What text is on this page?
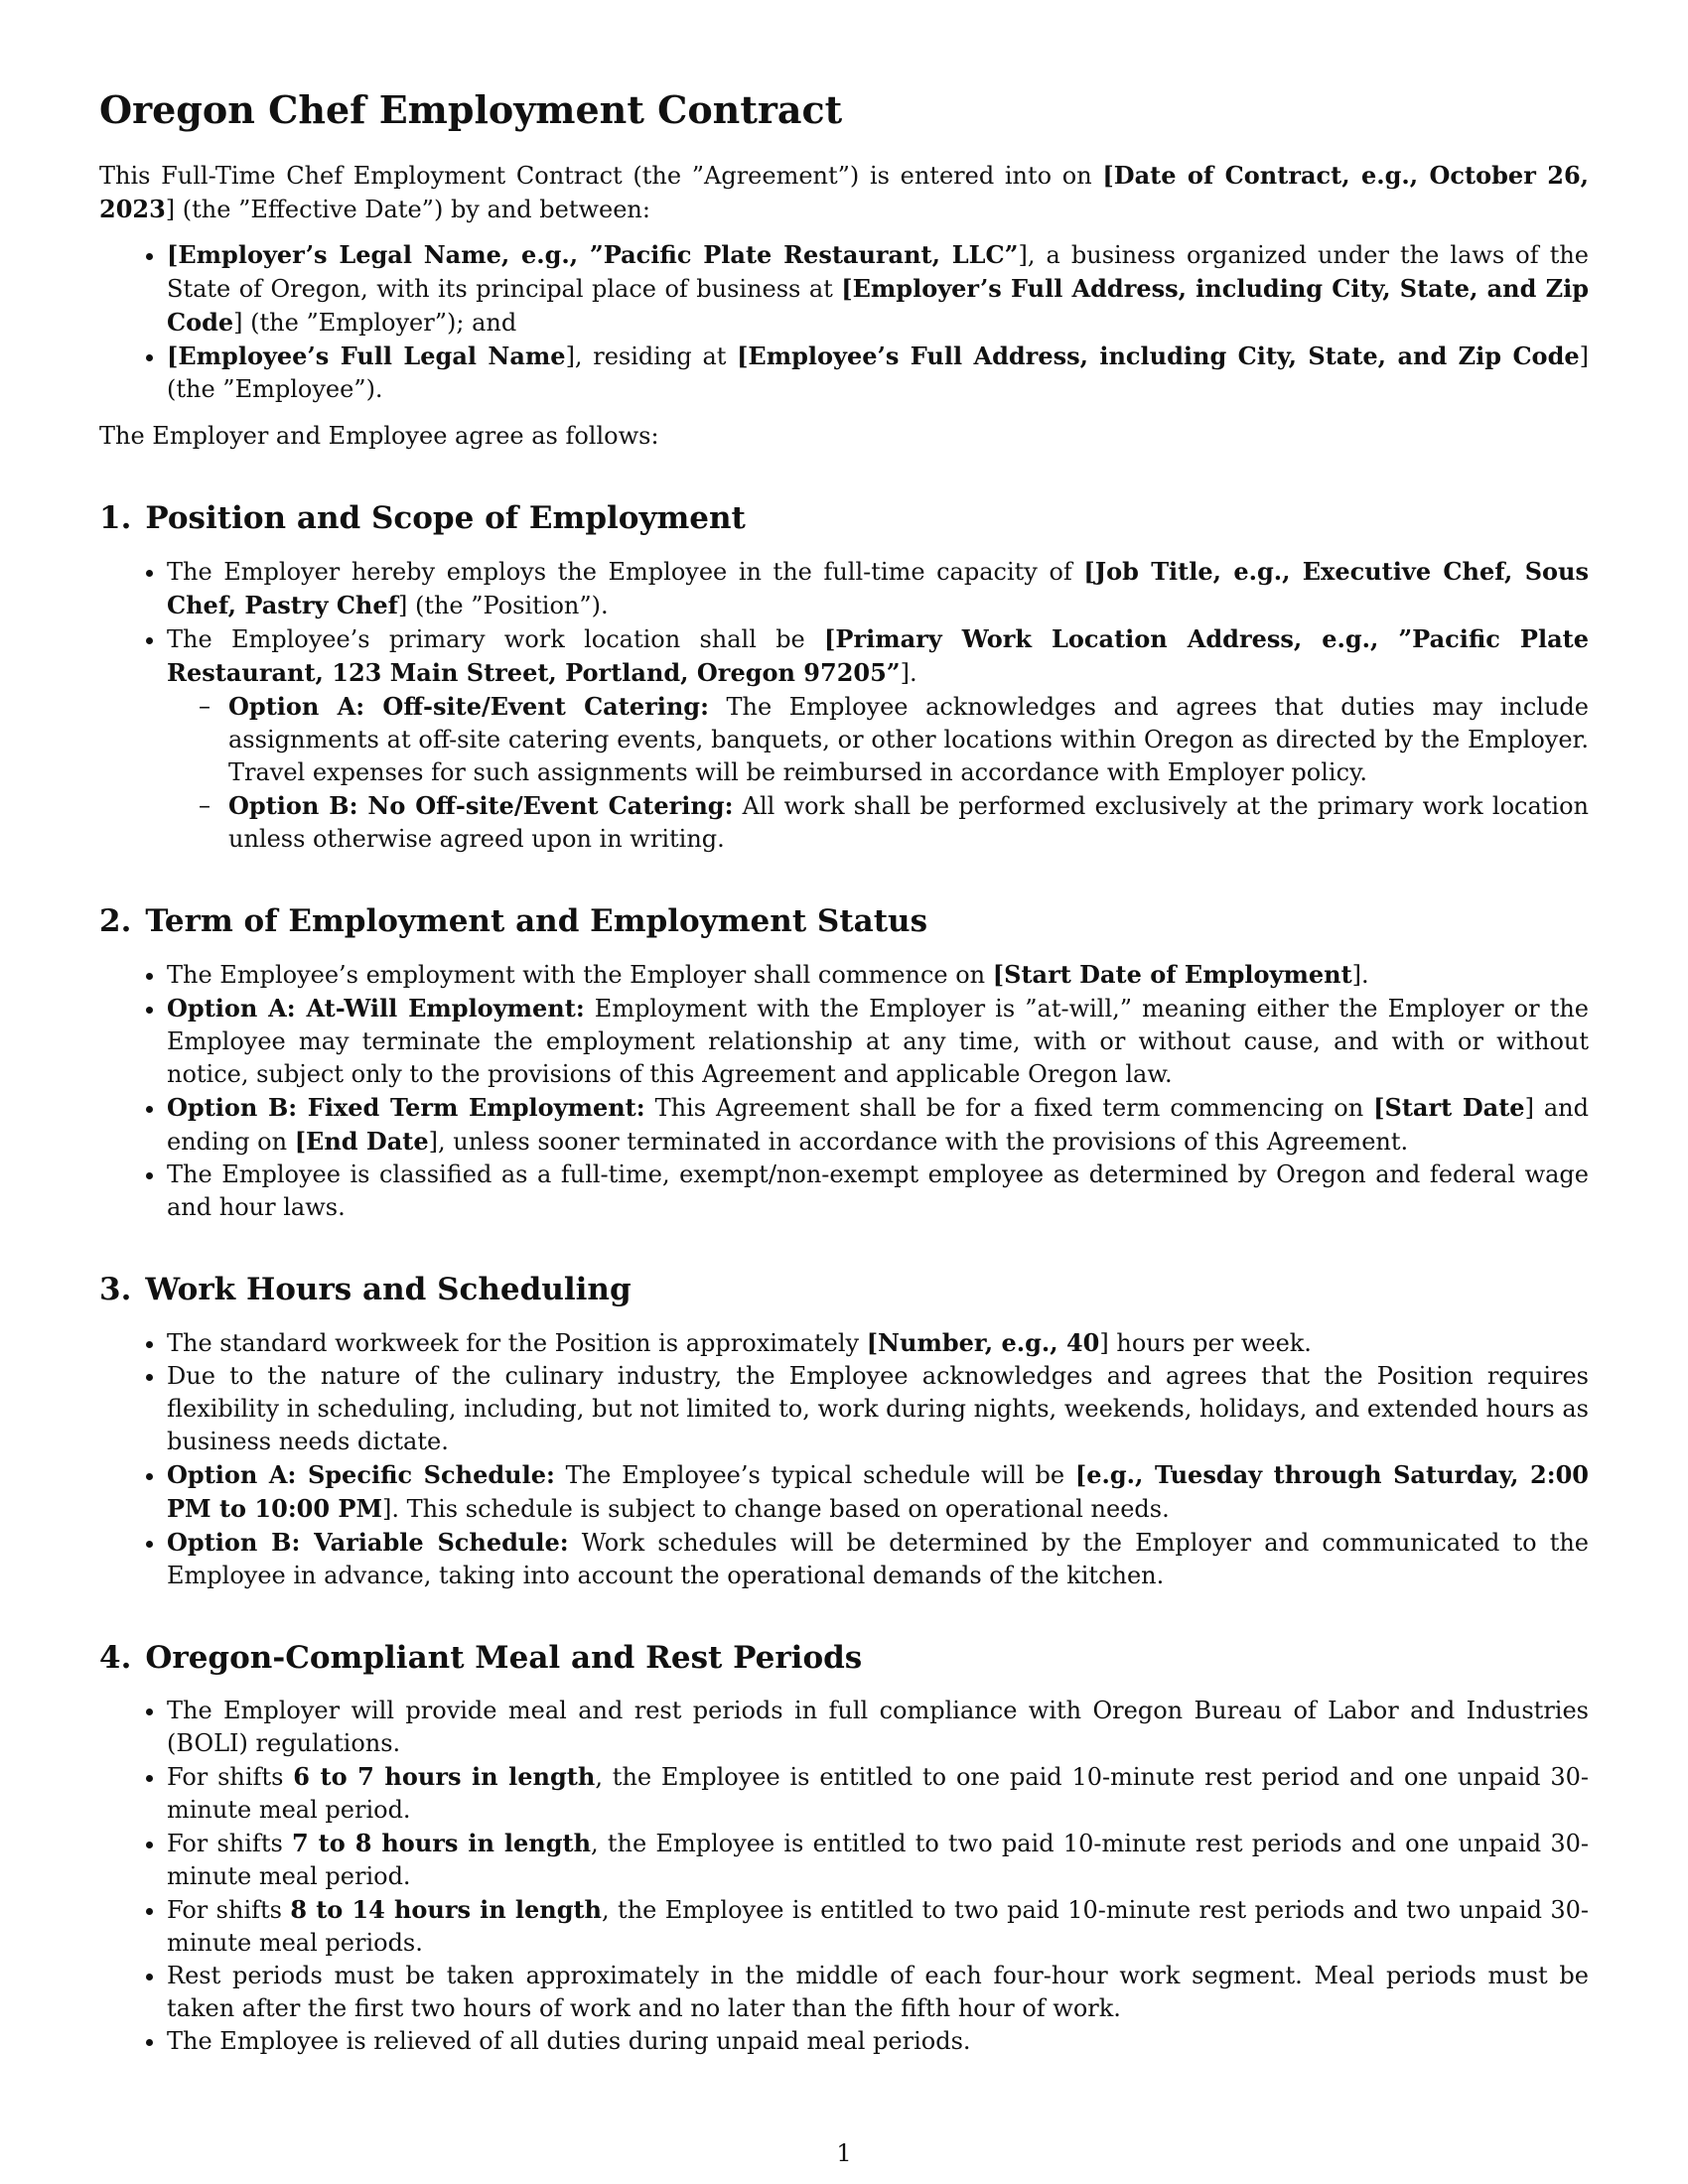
Oregon Chef Employment Contract

This Full-Time Chef Employment Contract (the ”Agreement”) is entered into on [Date of Contract, e.g., October 26, 2023] (the ”Effective Date”) by and between:

• [Employer’s Legal Name, e.g., ”Pacific Plate Restaurant, LLC”], a business organized under the laws of the State of Oregon, with its principal place of business at [Employer’s Full Address, including City, State, and Zip Code] (the ”Employer”); and
• [Employee’s Full Legal Name], residing at [Employee’s Full Address, including City, State, and Zip Code] (the ”Employee”).

The Employer and Employee agree as follows:

1. Position and Scope of Employment
• The Employer hereby employs the Employee in the full-time capacity of [Job Title, e.g., Executive Chef, Sous Chef, Pastry Chef] (the ”Position”).
• The Employee’s primary work location shall be [Primary Work Location Address, e.g., ”Pacific Plate Restaurant, 123 Main Street, Portland, Oregon 97205”].
– Option A: Off-site/Event Catering: The Employee acknowledges and agrees that duties may include assignments at off-site catering events, banquets, or other locations within Oregon as directed by the Employer. Travel expenses for such assignments will be reimbursed in accordance with Employer policy.
– Option B: No Off-site/Event Catering: All work shall be performed exclusively at the primary work location unless otherwise agreed upon in writing.
2. Term of Employment and Employment Status
• The Employee’s employment with the Employer shall commence on [Start Date of Employment].
• Option A: At-Will Employment: Employment with the Employer is ”at-will,” meaning either the Employer or the Employee may terminate the employment relationship at any time, with or without cause, and with or without notice, subject only to the provisions of this Agreement and applicable Oregon law.
• Option B: Fixed Term Employment: This Agreement shall be for a fixed term commencing on [Start Date] and ending on [End Date], unless sooner terminated in accordance with the provisions of this Agreement.
• The Employee is classified as a full-time, exempt/non-exempt employee as determined by Oregon and federal wage and hour laws.
3. Work Hours and Scheduling
• The standard workweek for the Position is approximately [Number, e.g., 40] hours per week.
• Due to the nature of the culinary industry, the Employee acknowledges and agrees that the Position requires flexibility in scheduling, including, but not limited to, work during nights, weekends, holidays, and extended hours as business needs dictate.
• Option A: Specific Schedule: The Employee’s typical schedule will be [e.g., Tuesday through Saturday, 2:00 PM to 10:00 PM]. This schedule is subject to change based on operational needs.
• Option B: Variable Schedule: Work schedules will be determined by the Employer and communicated to the Employee in advance, taking into account the operational demands of the kitchen.
4. Oregon-Compliant Meal and Rest Periods
• The Employer will provide meal and rest periods in full compliance with Oregon Bureau of Labor and Industries (BOLI) regulations.
• For shifts 6 to 7 hours in length, the Employee is entitled to one paid 10-minute rest period and one unpaid 30-minute meal period.
• For shifts 7 to 8 hours in length, the Employee is entitled to two paid 10-minute rest periods and one unpaid 30-minute meal period.
• For shifts 8 to 14 hours in length, the Employee is entitled to two paid 10-minute rest periods and two unpaid 30-minute meal periods.
• Rest periods must be taken approximately in the middle of each four-hour work segment. Meal periods must be taken after the first two hours of work and no later than the fifth hour of work.
• The Employee is relieved of all duties during unpaid meal periods.
1
